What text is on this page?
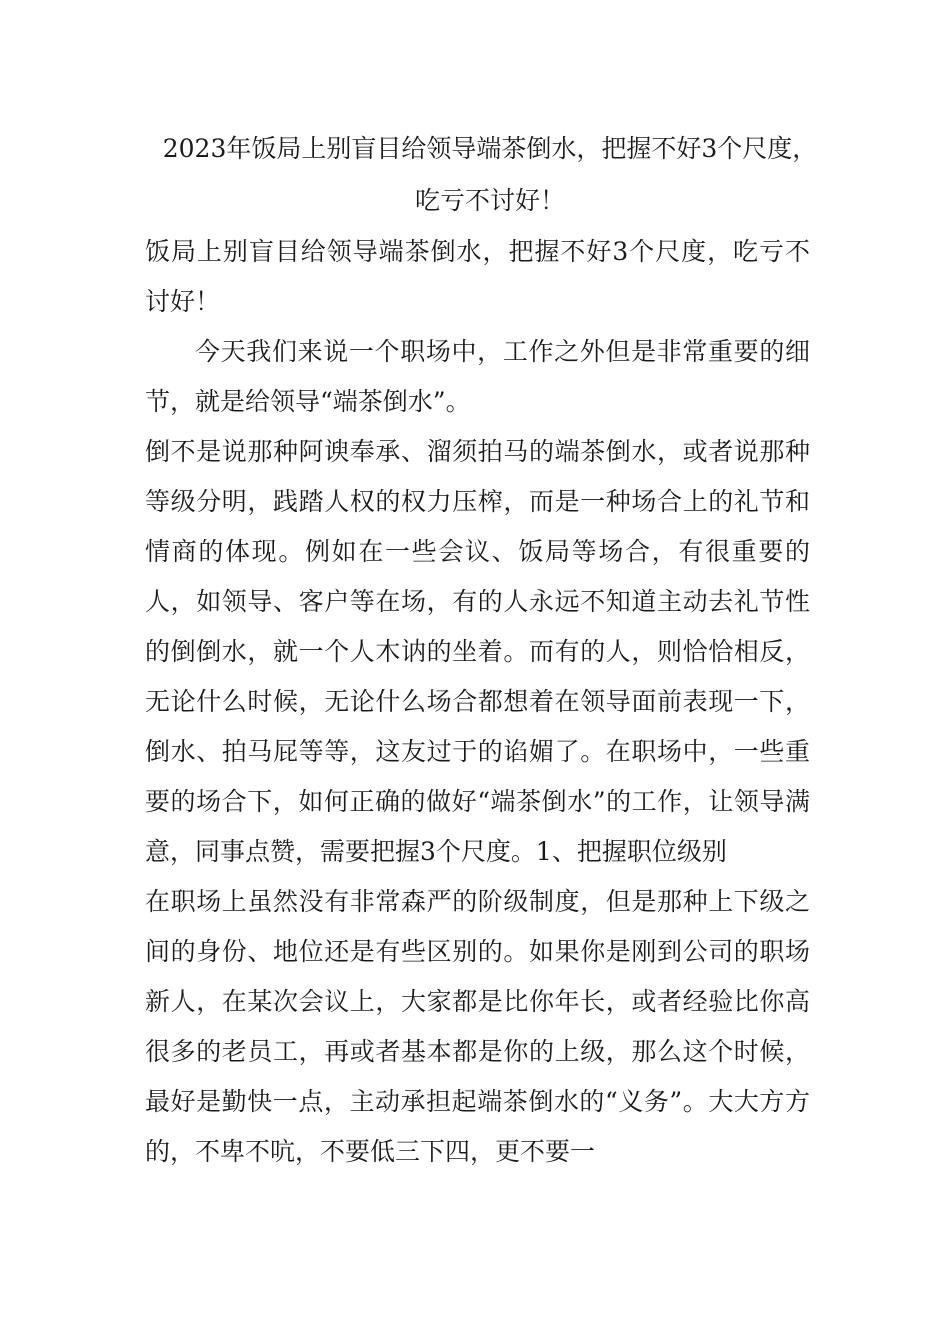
2023年饭局上别盲目给领导端茶倒水，把握不好3个尺度，
吃亏不讨好！

饭局上别盲目给领导端茶倒水，把握不好3个尺度，吃亏不讨好！

今天我们来说一个职场中，工作之外但是非常重要的细节，就是给领导“端茶倒水”。

倒不是说那种阿谀奉承、溜须拍马的端茶倒水，或者说那种等级分明，践踏人权的权力压榨，而是一种场合上的礼节和情商的体现。例如在一些会议、饭局等场合，有很重要的人，如领导、客户等在场，有的人永远不知道主动去礼节性的倒倒水，就一个人木讷的坐着。而有的人，则恰恰相反，无论什么时候，无论什么场合都想着在领导面前表现一下，倒水、拍马屁等等，这友过于的谄媚了。在职场中，一些重要的场合下，如何正确的做好“端茶倒水”的工作，让领导满意，同事点赞，需要把握3个尺度。1、把握职位级别

在职场上虽然没有非常森严的阶级制度，但是那种上下级之间的身份、地位还是有些区别的。如果你是刚到公司的职场新人，在某次会议上，大家都是比你年长，或者经验比你高很多的老员工，再或者基本都是你的上级，那么这个时候，最好是勤快一点，主动承担起端茶倒水的“义务”。大大方方的，不卑不吭，不要低三下四，更不要一
